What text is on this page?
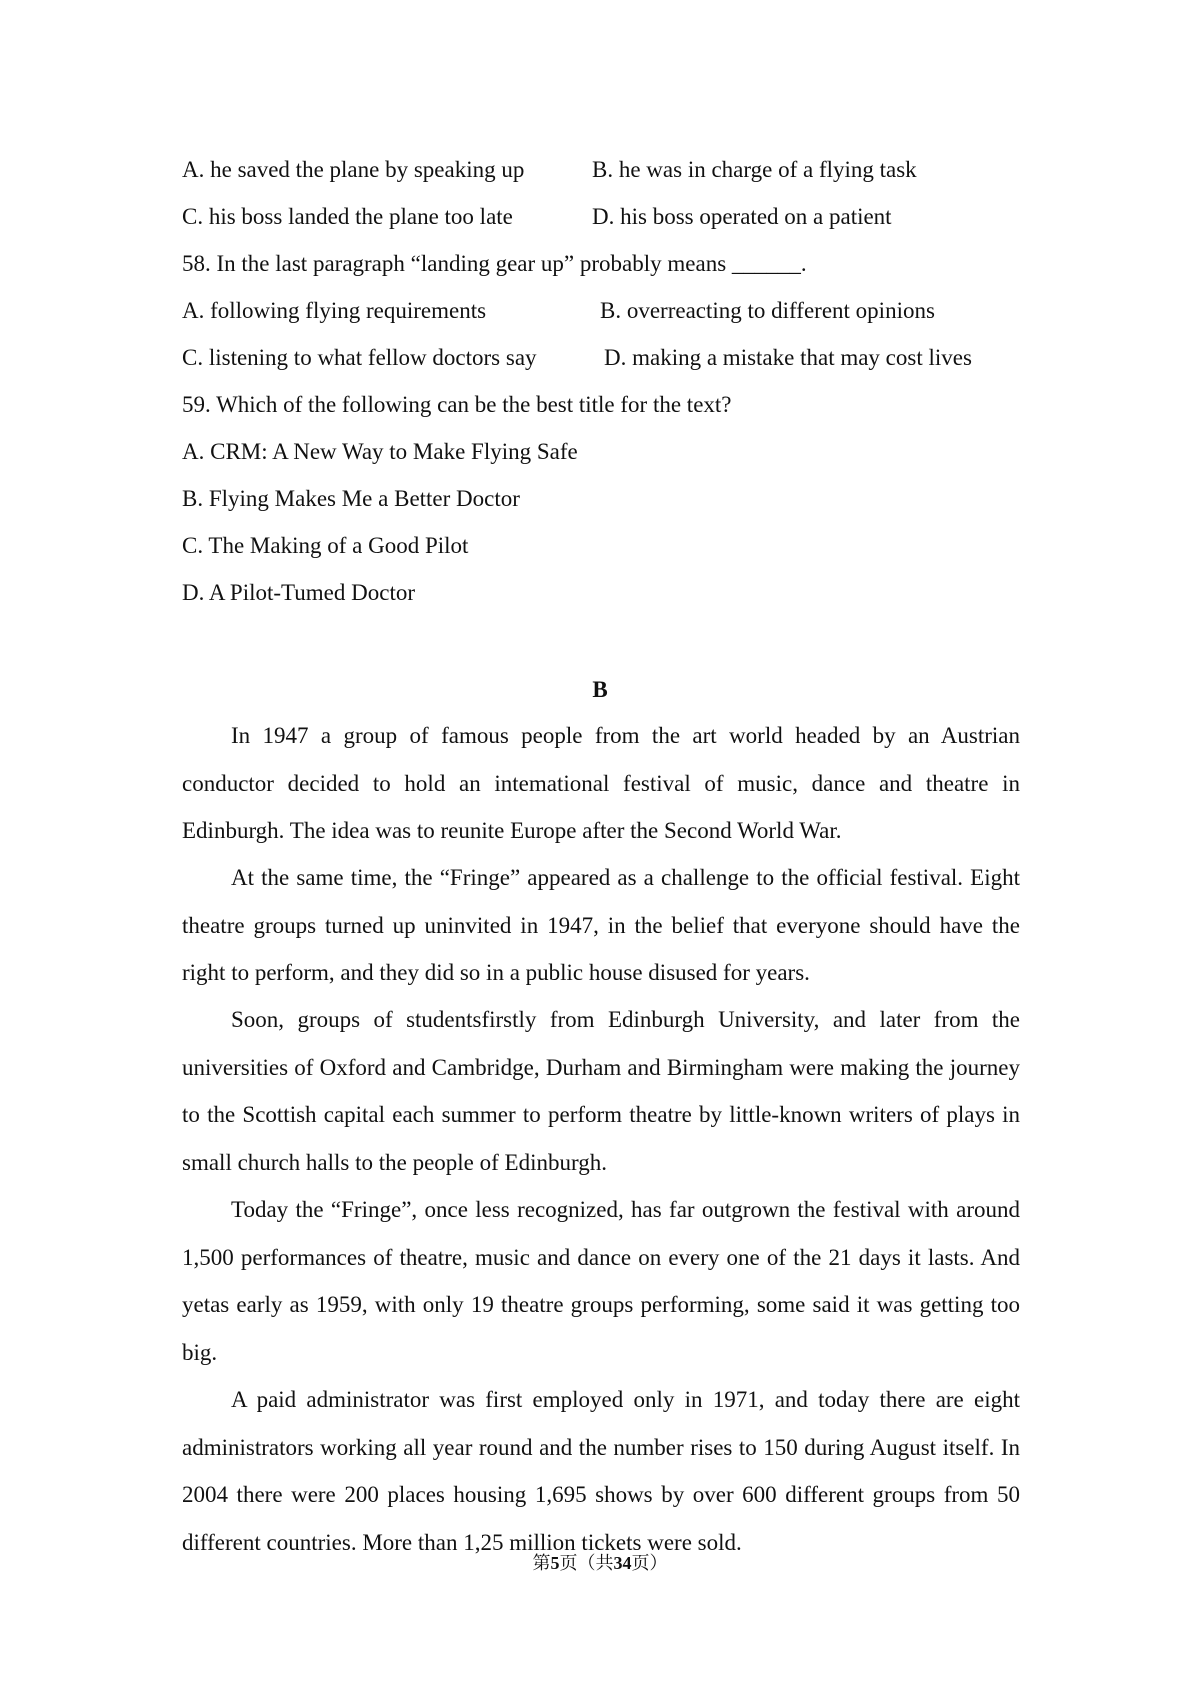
A. he saved the plane by speaking up	B. he was in charge of a flying task
C. his boss landed the plane too late	D. his boss operated on a patient
58. In the last paragraph “landing gear up” probably means ______.
A. following flying requirements	B. overreacting to different opinions
C. listening to what fellow doctors say	D. making a mistake that may cost lives
59. Which of the following can be the best title for the text?
A. CRM: A New Way to Make Flying Safe
B. Flying Makes Me a Better Doctor
C. The Making of a Good Pilot
D. A Pilot-Tumed Doctor
B

In 1947 a group of famous people from the art world headed by an Austrian conductor decided to hold an intemational festival of music, dance and theatre in Edinburgh. The idea was to reunite Europe after the Second World War.

At the same time, the “Fringe” appeared as a challenge to the official festival. Eight theatre groups turned up uninvited in 1947, in the belief that everyone should have the right to perform, and they did so in a public house disused for years.

Soon, groups of studentsfirstly from Edinburgh University, and later from the universities of Oxford and Cambridge, Durham and Birmingham were making the journey to the Scottish capital each summer to perform theatre by little-known writers of plays in small church halls to the people of Edinburgh.

Today the “Fringe”, once less recognized, has far outgrown the festival with around 1,500 performances of theatre, music and dance on every one of the 21 days it lasts. And yetas early as 1959, with only 19 theatre groups performing, some said it was getting too big.

A paid administrator was first employed only in 1971, and today there are eight administrators working all year round and the number rises to 150 during August itself. In 2004 there were 200 places housing 1,695 shows by over 600 different groups from 50 different countries. More than 1,25 million tickets were sold.

第5页（共34页）
